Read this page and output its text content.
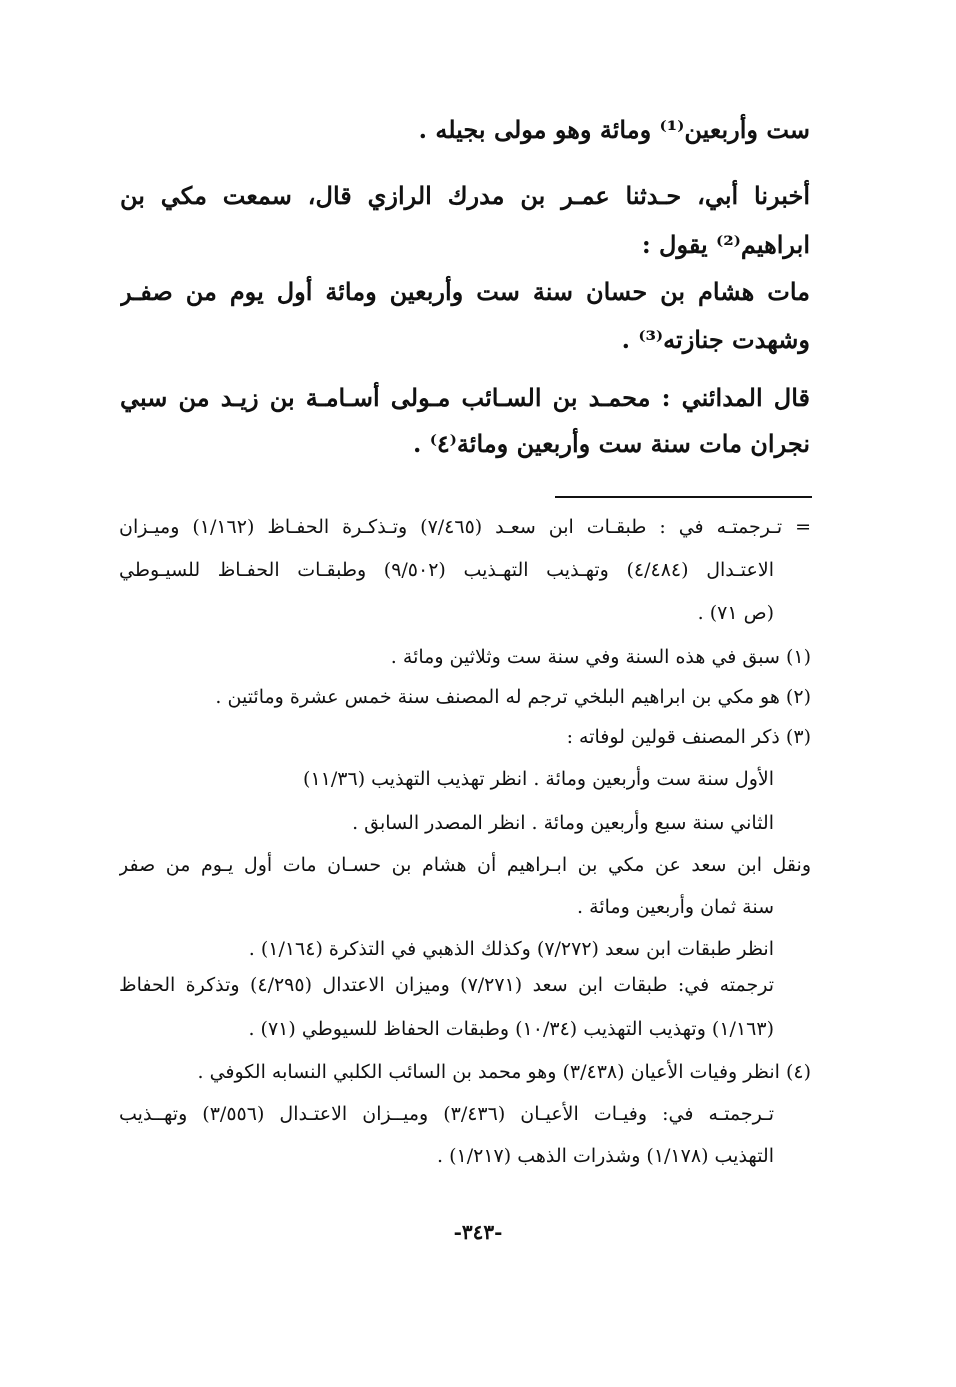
ست وأربعين⁽¹⁾ ومائة وهو مولى بجيله .
أخبرنا أبي، حـدثنا عمـر بن مدرك الرازي قال، سمعت مكي بن
ابراهيم⁽²⁾ يقول :
مات هشام بن حسان سنة ست وأربعين ومائة أول يوم من صفـر
وشهدت جنازته⁽³⁾ .
قال المدائني : محمـد بن السـائب مـولى أسـامـة بن زيـد من سبي
نجران مات سنة ست وأربعين ومائة⁽٤⁾ .
= تـرجمتـه في : طبقـات ابن سعـد (٧/٤٦٥) وتـذكـرة الحفـاظ (١/١٦٢) وميـزان
الاعتـدال (٤/٤٨٤) وتهـذيب التهـذيب (٩/٥٠٢) وطبقـات الحفـاظ للسيـوطي
(ص ٧١) .
(١) سبق في هذه السنة وفي سنة ست وثلاثين ومائة .
(٢) هو مكي بن ابراهيم البلخي ترجم له المصنف سنة خمس عشرة ومائتين .
(٣) ذكر المصنف قولين لوفاته :
الأول سنة ست وأربعين ومائة . انظر تهذيب التهذيب (١١/٣٦)
الثاني سنة سبع وأربعين ومائة . انظر المصدر السابق .
ونقل ابن سعد عن مكي بن ابـراهيم أن هشام بن حسـان مات أول يـوم من صفر
سنة ثمان وأربعين ومائة .
انظر طبقات ابن سعد (٧/٢٧٢) وكذلك الذهبي في التذكرة (١/١٦٤) .
ترجمته في: طبقات ابن سعد (٧/٢٧١) وميزان الاعتدال (٤/٢٩٥) وتذكرة الحفاظ
(١/١٦٣) وتهذيب التهذيب (١٠/٣٤) وطبقات الحفاظ للسيوطي (٧١) .
(٤) انظر وفيات الأعيان (٣/٤٣٨) وهو محمد بن السائب الكلبي النسابه الكوفي .
تـرجمتـه في: وفيـات الأعيـان (٣/٤٣٦) وميــزان الاعتـدال (٣/٥٥٦) وتهــذيب
التهذيب (١/١٧٨) وشذرات الذهب (١/٢١٧) .
-٣٤٣-
